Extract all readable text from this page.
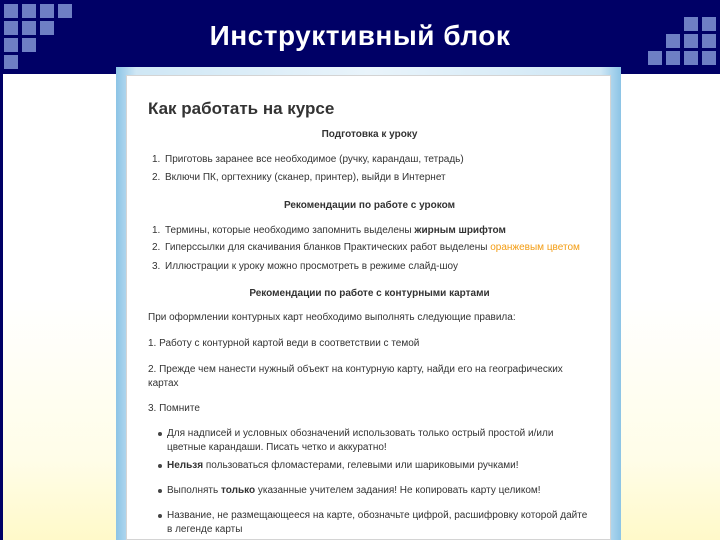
Инструктивный блок
Как работать на курсе
Подготовка к уроку
1. Приготовь заранее все необходимое (ручку, карандаш, тетрадь)
2. Включи ПК, оргтехнику (сканер, принтер), выйди в Интернет
Рекомендации по работе с уроком
1. Термины, которые необходимо запомнить выделены жирным шрифтом
2. Гиперссылки для скачивания бланков Практических работ выделены оранжевым цветом
3. Иллюстрации к уроку можно просмотреть в режиме слайд-шоу
Рекомендации по работе с контурными картами
При оформлении контурных карт необходимо выполнять следующие правила:
1. Работу с контурной картой веди в соответствии с темой
2. Прежде чем нанести нужный объект на контурную карту, найди его на географических
картах
3. Помните
Для надписей и условных обозначений использовать только острый простой и/или
цветные карандаши. Писать четко и аккуратно!
Нельзя пользоваться фломастерами, гелевыми или шариковыми ручками!
Выполнять только указанные учителем задания! Не копировать карту целиком!
Название, не размещающееся на карте, обозначьте цифрой, расшифровку которой дайте
в легенде карты
